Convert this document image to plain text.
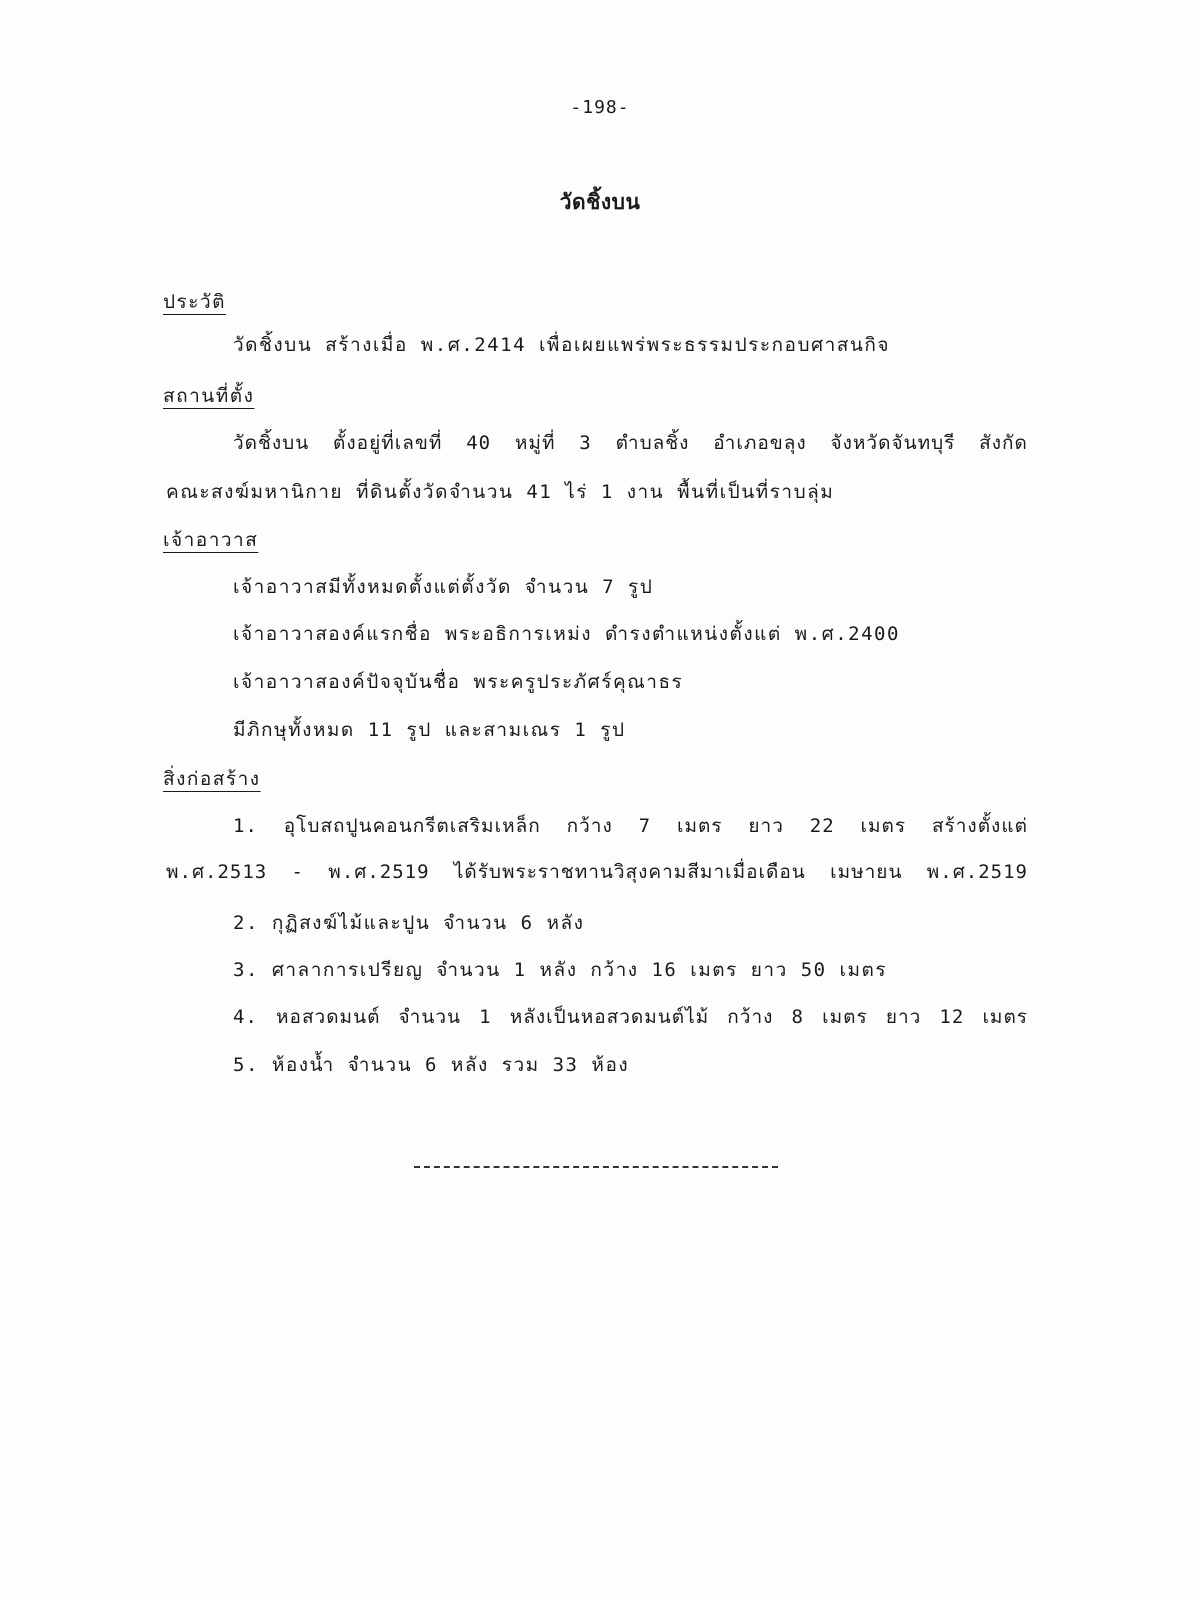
-198-
วัดชิ้งบน
ประวัติ
วัดชิ้งบน สร้างเมื่อ พ.ศ.2414 เพื่อเผยแพร่พระธรรมประกอบศาสนกิจ
สถานที่ตั้ง
วัดชิ้งบน ตั้งอยู่ที่เลขที่ 40 หมู่ที่ 3 ตำบลชิ้ง อำเภอขลุง จังหวัดจันทบุรี สังกัด
คณะสงฆ์มหานิกาย ที่ดินตั้งวัดจำนวน 41 ไร่ 1 งาน พื้นที่เป็นที่ราบลุ่ม
เจ้าอาวาส
เจ้าอาวาสมีทั้งหมดตั้งแต่ตั้งวัด จำนวน 7 รูป
เจ้าอาวาสองค์แรกชื่อ พระอธิการเหม่ง ดำรงตำแหน่งตั้งแต่ พ.ศ.2400
เจ้าอาวาสองค์ปัจจุบันชื่อ พระครูประภัศร์คุณาธร
มีภิกษุทั้งหมด 11 รูป และสามเณร 1 รูป
สิ่งก่อสร้าง
1. อุโบสถปูนคอนกรีตเสริมเหล็ก กว้าง 7 เมตร ยาว 22 เมตร สร้างตั้งแต่
พ.ศ.2513 - พ.ศ.2519 ได้รับพระราชทานวิสุงคามสีมาเมื่อเดือน เมษายน พ.ศ.2519
2. กุฏิสงฆ์ไม้และปูน จำนวน 6 หลัง
3. ศาลาการเปรียญ จำนวน 1 หลัง กว้าง 16 เมตร ยาว 50 เมตร
4. หอสวดมนต์ จำนวน 1 หลังเป็นหอสวดมนต์ไม้ กว้าง 8 เมตร ยาว 12 เมตร
5. ห้องน้ำ จำนวน 6 หลัง รวม 33 ห้อง
